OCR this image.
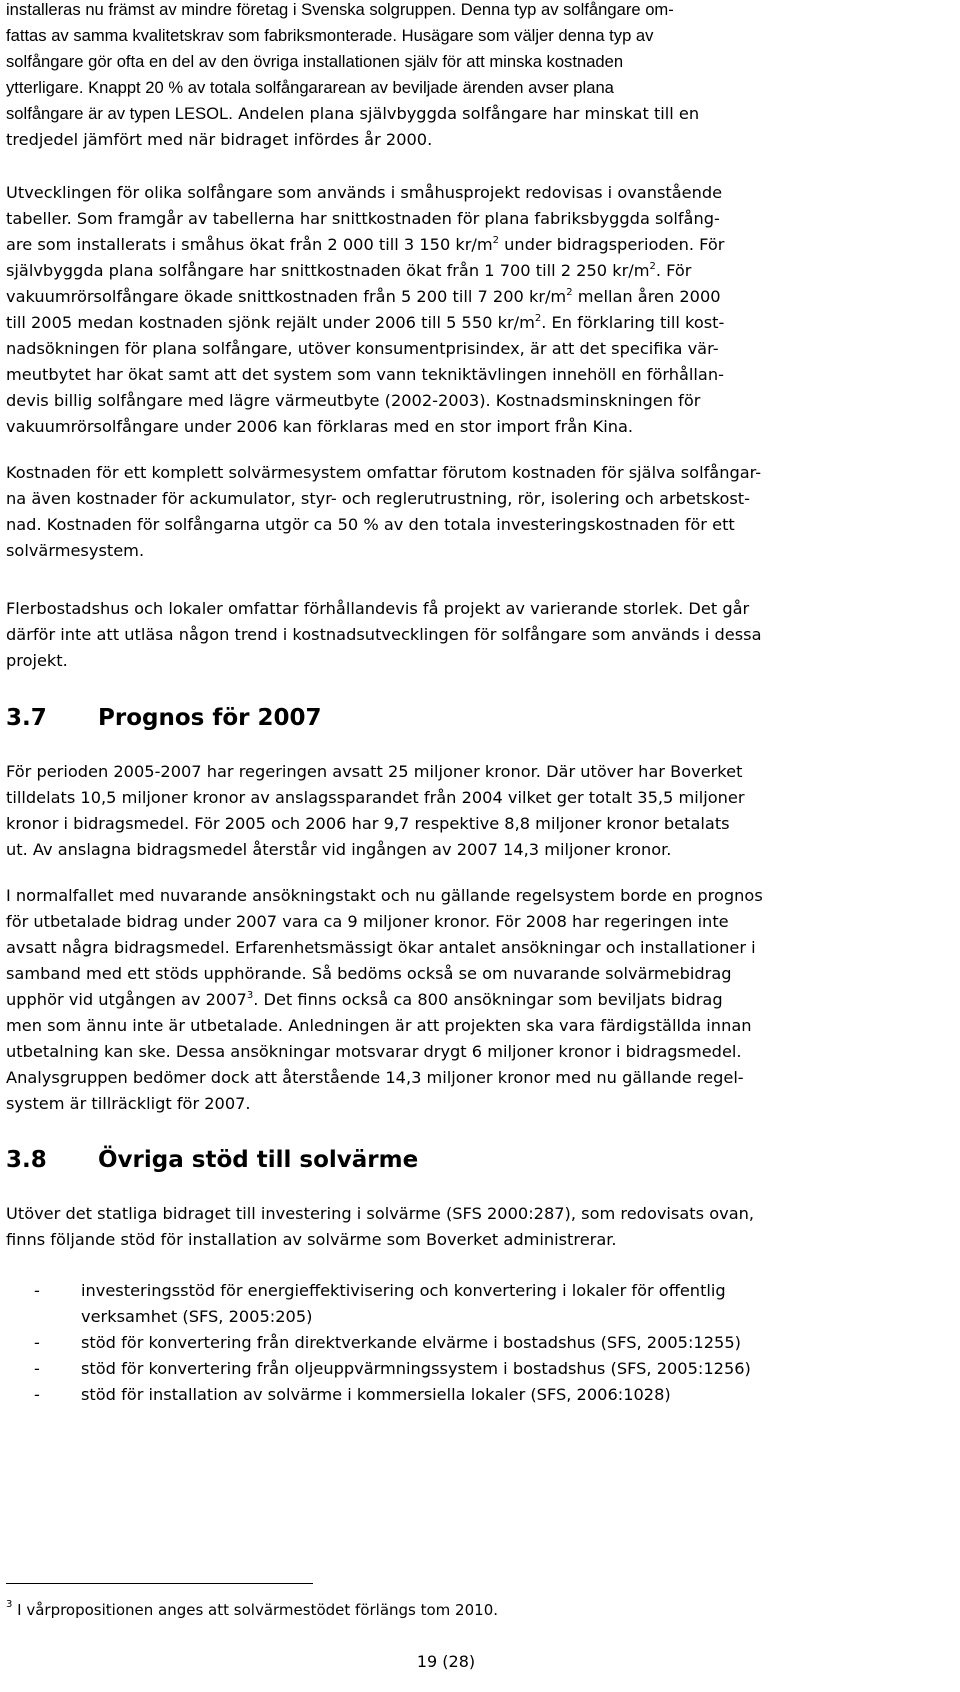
installeras nu främst av mindre företag i Svenska solgruppen. Denna typ av solfångare om-

fattas av samma kvalitetskrav som fabriksmonterade. Husägare som väljer denna typ av

solfångare gör ofta en del av den övriga installationen själv för att minska kostnaden

ytterligare. Knappt 20 % av totala solfångararean av beviljade ärenden avser plana

solfångare är av typen LESOL. Andelen plana självbyggda solfångare har minskat till en

tredjedel jämfört med när bidraget infördes år 2000.

Utvecklingen för olika solfångare som används i småhusprojekt redovisas i ovanstående

tabeller. Som framgår av tabellerna har snittkostnaden för plana fabriksbyggda solfång-

are som installerats i småhus ökat från 2 000 till 3 150 $kr/m^2$ under bidragsperioden. För

självbyggda plana solfångare har snittkostnaden ökat från 1 700 till 2 250 $kr/m^2$. För

vakuumrörsolfångare ökade snittkostnaden från 5 200 till 7 200 $kr/m^2$ mellan åren 2000

till 2005 medan kostnaden sjönk rejält under 2006 till 5 550 $kr/m^2$. En förklaring till kost-

nadsökningen för plana solfångare, utöver konsumentprisindex, är att det specifika vär-

meutbytet har ökat samt att det system som vann tekniktävlingen innehöll en förhållan-

devis billig solfångare med lägre värmeutbyte (2002-2003). Kostnadsminskningen för

vakuumrörsolfångare under 2006 kan förklaras med en stor import från Kina.

Kostnaden för ett komplett solvärmesystem omfattar förutom kostnaden för själva solfångar-

na även kostnader för ackumulator, styr- och reglerutrustning, rör, isolering och arbetskost-

nad. Kostnaden för solfångarna utgör ca 50 % av den totala investeringskostnaden för ett

solvärmesystem.

Flerbostadshus och lokaler omfattar förhållandevis få projekt av varierande storlek. Det går

därför inte att utläsa någon trend i kostnadsutvecklingen för solfångare som används i dessa

projekt.

3.7 Prognos för 2007

För perioden 2005-2007 har regeringen avsatt 25 miljoner kronor. Där utöver har Boverket

tilldelats 10,5 miljoner kronor av anslagssparandet från 2004 vilket ger totalt 35,5 miljoner

kronor i bidragsmedel. För 2005 och 2006 har 9,7 respektive 8,8 miljoner kronor betalats

ut. Av anslagna bidragsmedel återstår vid ingången av 2007 14,3 miljoner kronor.

I normalfallet med nuvarande ansökningstakt och nu gällande regelsystem borde en prognos

för utbetalade bidrag under 2007 vara ca 9 miljoner kronor. För 2008 har regeringen inte

avsatt några bidragsmedel. Erfarenhetsmässigt ökar antalet ansökningar och installationer i

samband med ett stöds upphörande. Så bedöms också se om nuvarande solvärmebidrag

upphör vid utgången av 2007$^3$. Det finns också ca 800 ansökningar som beviljats bidrag

men som ännu inte är utbetalade. Anledningen är att projekten ska vara färdigställda innan

utbetalning kan ske. Dessa ansökningar motsvarar drygt 6 miljoner kronor i bidragsmedel.

Analysgruppen bedömer dock att återstående 14,3 miljoner kronor med nu gällande regel-

system är tillräckligt för 2007.

3.8 Övriga stöd till solvärme

Utöver det statliga bidraget till investering i solvärme (SFS 2000:287), som redovisats ovan,

finns följande stöd för installation av solvärme som Boverket administrerar.

-	investeringsstöd för energieffektivisering och konvertering i lokaler för offentlig
verksamhet (SFS, 2005:205)
-	stöd för konvertering från direktverkande elvärme i bostadshus (SFS, 2005:1255)
-	stöd för konvertering från oljeuppvärmningssystem i bostadshus (SFS, 2005:1256)
-	stöd för installation av solvärme i kommersiella lokaler (SFS, 2006:1028)
$^3$ I vårpropositionen anges att solvärmestödet förlängs tom 2010.
19 (28)
